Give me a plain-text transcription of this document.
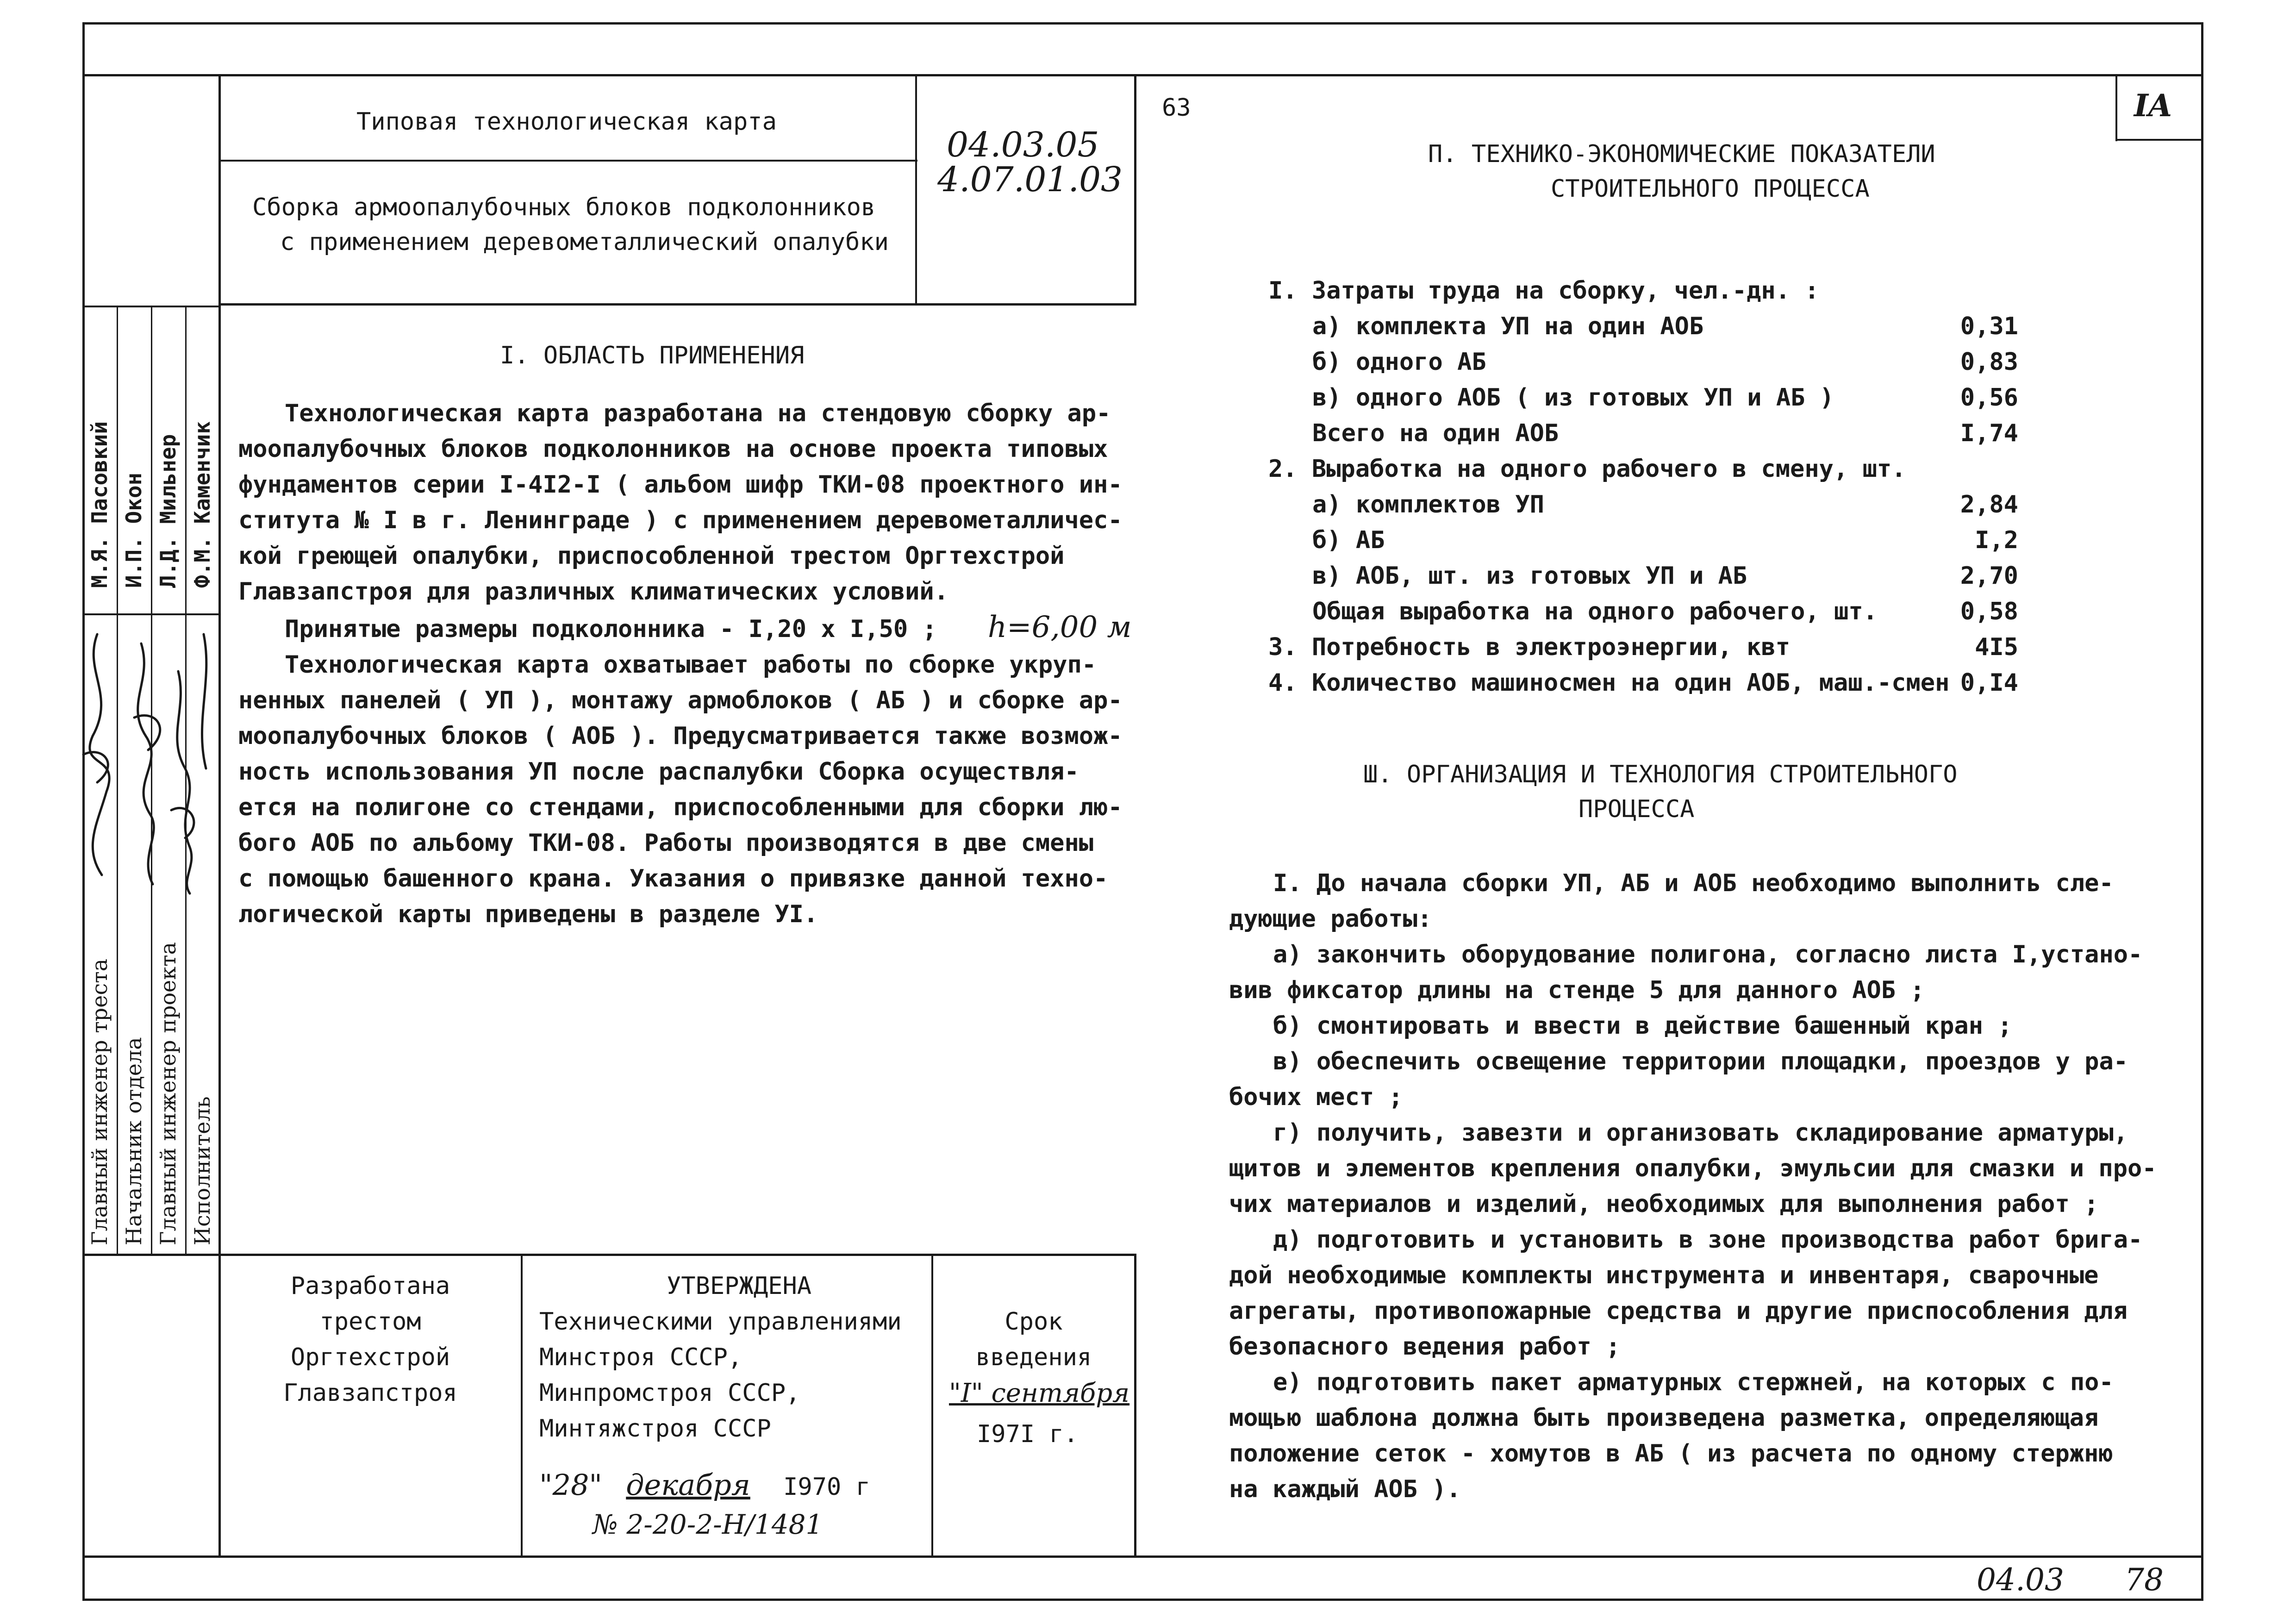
63	IA
Типовая технологическая карта
Сборка армоопалубочных блоков подколонников
с применением деревометаллический опалубки
04.03.05
4.07.01.03
М.Я. Пасовкий И.П. Окон Л.Д. Мильнер Ф.М. Каменчик
Главный инженер треста Начальник отдела Главный инженер проекта Исполнитель
I. ОБЛАСТЬ ПРИМЕНЕНИЯ

Технологическая карта разработана на стендовую сборку ар-

моопалубочных блоков подколонников на основе проекта типовых

фундаментов серии I-4I2-I ( альбом шифр ТКИ-08 проектного ин-

ститута № I в г. Ленинграде ) с применением деревометалличес-

кой греющей опалубки, приспособленной трестом Оргтехстрой

Главзапстроя для различных климатических условий.

Принятые размеры подколонника - I,20 х I,50 ; h=6,00 м

Технологическая карта охватывает работы по сборке укруп-

ненных панелей ( УП ), монтажу армоблоков ( АБ ) и сборке ар-

моопалубочных блоков ( АОБ ). Предусматривается также возмож-

ность использования УП после распалубки Сборка осуществля-

ется на полигоне со стендами, приспособленными для сборки лю-

бого АОБ по альбому ТКИ-08. Работы производятся в две смены

с помощью башенного крана. Указания о привязке данной техно-

логической карты приведены в разделе УI.

П. ТЕХНИКО-ЭКОНОМИЧЕСКИЕ ПОКАЗАТЕЛИ
СТРОИТЕЛЬНОГО ПРОЦЕССА
I. Затраты труда на сборку, чел.-дн. :
а) комплекта УП на один АОБ	0,31
б) одного АБ	0,83
в) одного АОБ ( из готовых УП и АБ )	0,56
Всего на один АОБ	I,74
2. Выработка на одного рабочего в смену, шт.
а) комплектов УП	2,84
б) АБ	I,2
в) АОБ, шт. из готовых УП и АБ	2,70
Общая выработка на одного рабочего, шт.	0,58
3. Потребность в электроэнергии, квт	4I5
4. Количество машиносмен на один АОБ, маш.-смен 0,I4
Ш. ОРГАНИЗАЦИЯ И ТЕХНОЛОГИЯ СТРОИТЕЛЬНОГО
ПРОЦЕССА

I. До начала сборки УП, АБ и АОБ необходимо выполнить сле-

дующие работы:

а) закончить оборудование полигона, согласно листа I,устано-

вив фиксатор длины на стенде 5 для данного АОБ ;

б) смонтировать и ввести в действие башенный кран ;

в) обеспечить освещение территории площадки, проездов у ра-

бочих мест ;

г) получить, завезти и организовать складирование арматуры,

щитов и элементов крепления опалубки, эмульсии для смазки и про-

чих материалов и изделий, необходимых для выполнения работ ;

д) подготовить и установить в зоне производства работ брига-

дой необходимые комплекты инструмента и инвентаря, сварочные

агрегаты, противопожарные средства и другие приспособления для

безопасного ведения работ ;

е) подготовить пакет арматурных стержней, на которых с по-

мощью шаблона должна быть произведена разметка, определяющая

положение сеток - хомутов в АБ ( из расчета по одному стержню

на каждый АОБ ).

Разработана
трестом
Оргтехстрой
Главзапстроя
УТВЕРЖДЕНА
Техническими управлениями
Минстроя СССР,
Минпромстроя СССР,
Минтяжстроя СССР
"28" декабря I970 г
№ 2-20-2-Н/1481
Срок
введения
"I" сентября
I97I г.
04.03 78
